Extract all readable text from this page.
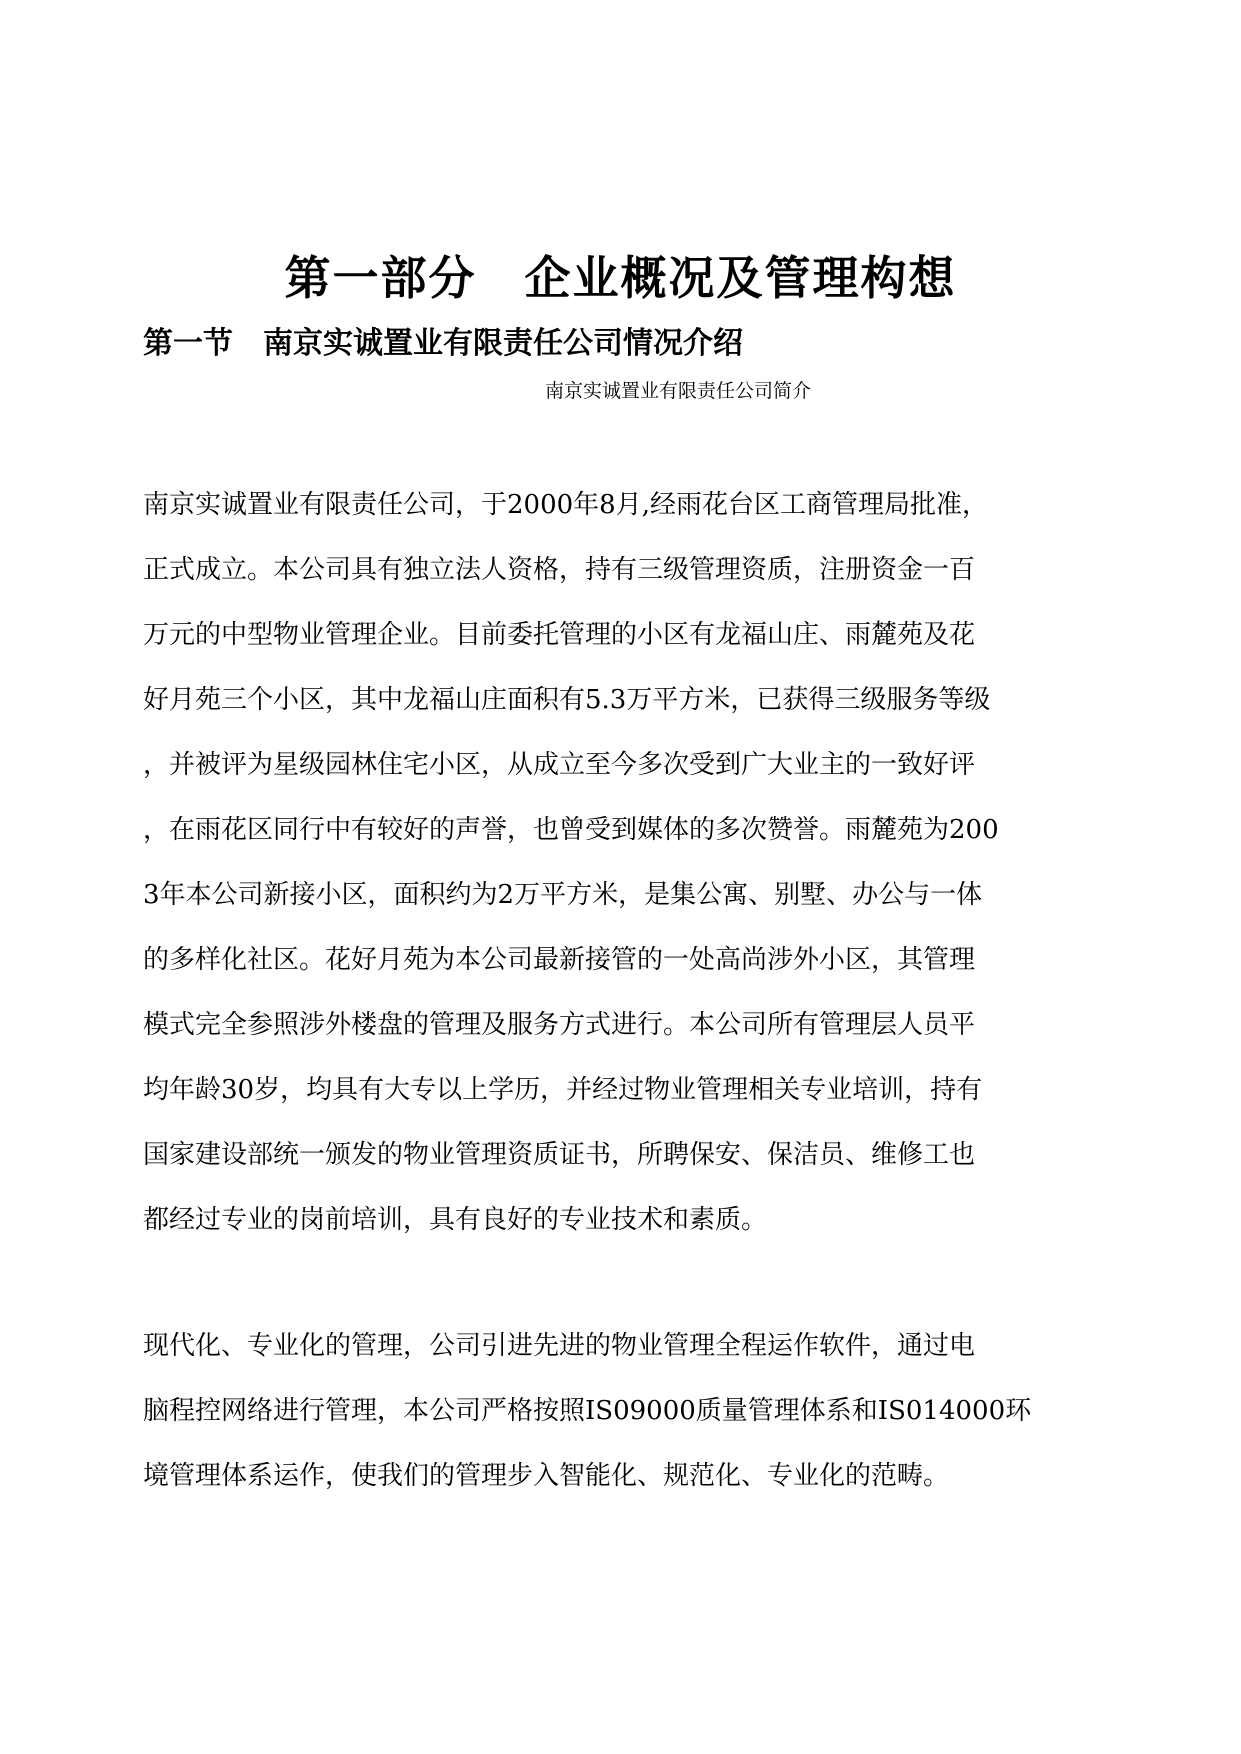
第一部分　企业概况及管理构想
第一节　南京实诚置业有限责任公司情况介绍
南京实诚置业有限责任公司简介

南京实诚置业有限责任公司，于2000年8月,经雨花台区工商管理局批准，
正式成立。本公司具有独立法人资格，持有三级管理资质，注册资金一百
万元的中型物业管理企业。目前委托管理的小区有龙福山庄、雨麓苑及花
好月苑三个小区，其中龙福山庄面积有5.3万平方米，已获得三级服务等级
，并被评为星级园林住宅小区，从成立至今多次受到广大业主的一致好评
，在雨花区同行中有较好的声誉，也曾受到媒体的多次赞誉。雨麓苑为200
3年本公司新接小区，面积约为2万平方米，是集公寓、别墅、办公与一体
的多样化社区。花好月苑为本公司最新接管的一处高尚涉外小区，其管理
模式完全参照涉外楼盘的管理及服务方式进行。本公司所有管理层人员平
均年龄30岁，均具有大专以上学历，并经过物业管理相关专业培训，持有
国家建设部统一颁发的物业管理资质证书，所聘保安、保洁员、维修工也
都经过专业的岗前培训，具有良好的专业技术和素质。

现代化、专业化的管理，公司引进先进的物业管理全程运作软件，通过电
脑程控网络进行管理，本公司严格按照IS09000质量管理体系和IS014000环
境管理体系运作，使我们的管理步入智能化、规范化、专业化的范畴。
